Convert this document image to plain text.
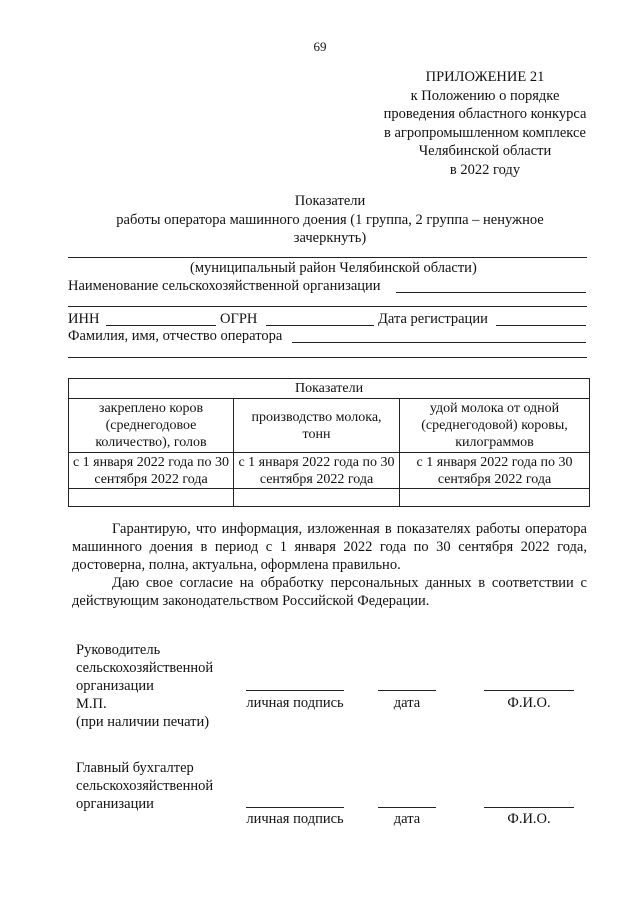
69
ПРИЛОЖЕНИЕ 21
к Положению о порядке
проведения областного конкурса
в агропромышленном комплексе
Челябинской области
в 2022 году
Показатели
работы оператора машинного доения (1 группа, 2 группа – ненужное
зачеркнуть)
(муниципальный район Челябинской области)
Наименование сельскохозяйственной организации
ИНН	ОГРН	Дата регистрации
Фамилия, имя, отчество оператора
Показатели		
закреплено коров (среднегодовое количество), голов	производство молока, тонн	удой молока от одной (среднегодовой) коровы, килограммов
с 1 января 2022 года по 30 сентября 2022 года	с 1 января 2022 года по 30 сентября 2022 года	с 1 января 2022 года по 30 сентября 2022 года

Гарантирую, что информация, изложенная в показателях работы оператора машинного доения в период с 1 января 2022 года по 30 сентября 2022 года, достоверна, полна, актуальна, оформлена правильно.
Даю свое согласие на обработку персональных данных в соответствии с действующим законодательством Российской Федерации.
Руководитель
сельскохозяйственной
организации
М.П.
(при наличии печати)
личная подпись	дата	Ф.И.О.
Главный бухгалтер
сельскохозяйственной
организации
личная подпись	дата	Ф.И.О.
